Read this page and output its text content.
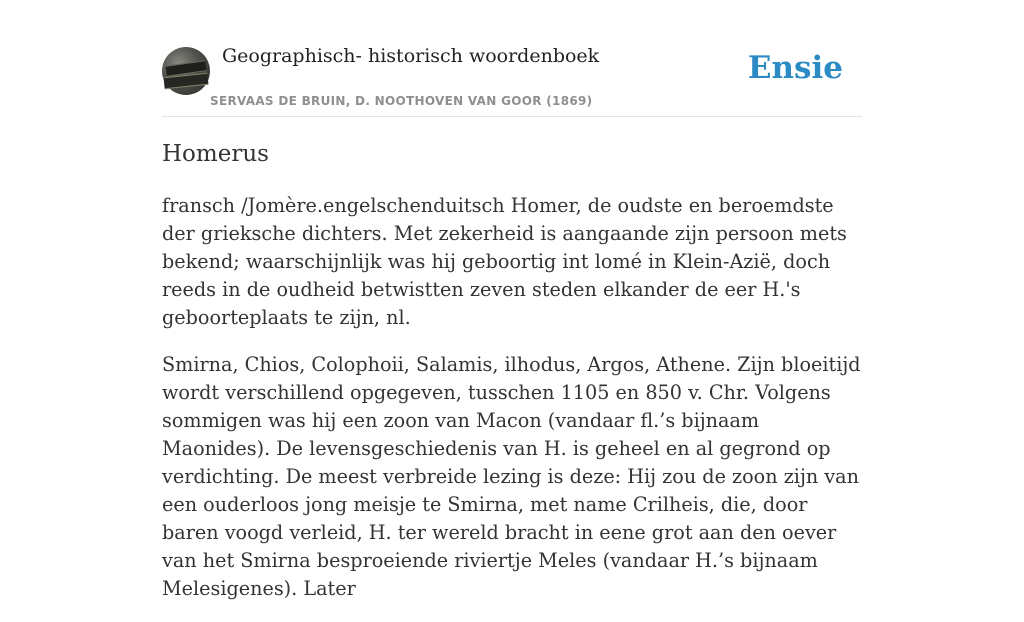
Geographisch- historisch woordenboek
SERVAAS DE BRUIN, D. NOOTHOVEN VAN GOOR (1869)
Ensie
Homerus

fransch /Jomère.engelschenduitsch Homer, de oudste en beroemdste der grieksche dichters. Met zekerheid is aangaande zijn persoon mets bekend; waarschijnlijk was hij geboortig int lomé in Klein-Azië, doch reeds in de oudheid betwistten zeven steden elkander de eer H.'s geboorteplaats te zijn, nl.

Smirna, Chios, Colophoii, Salamis, ilhodus, Argos, Athene. Zijn bloeitijd wordt verschillend opgegeven, tusschen 1105 en 850 v. Chr. Volgens sommigen was hij een zoon van Macon (vandaar fl.’s bijnaam Maonides). De levensgeschiedenis van H. is geheel en al gegrond op verdichting. De meest verbreide lezing is deze: Hij zou de zoon zijn van een ouderloos jong meisje te Smirna, met name Crilheis, die, door baren voogd verleid, H. ter wereld bracht in eene grot aan den oever van het Smirna besproeiende riviertje Meles (vandaar H.’s bijnaam Melesigenes). Later
